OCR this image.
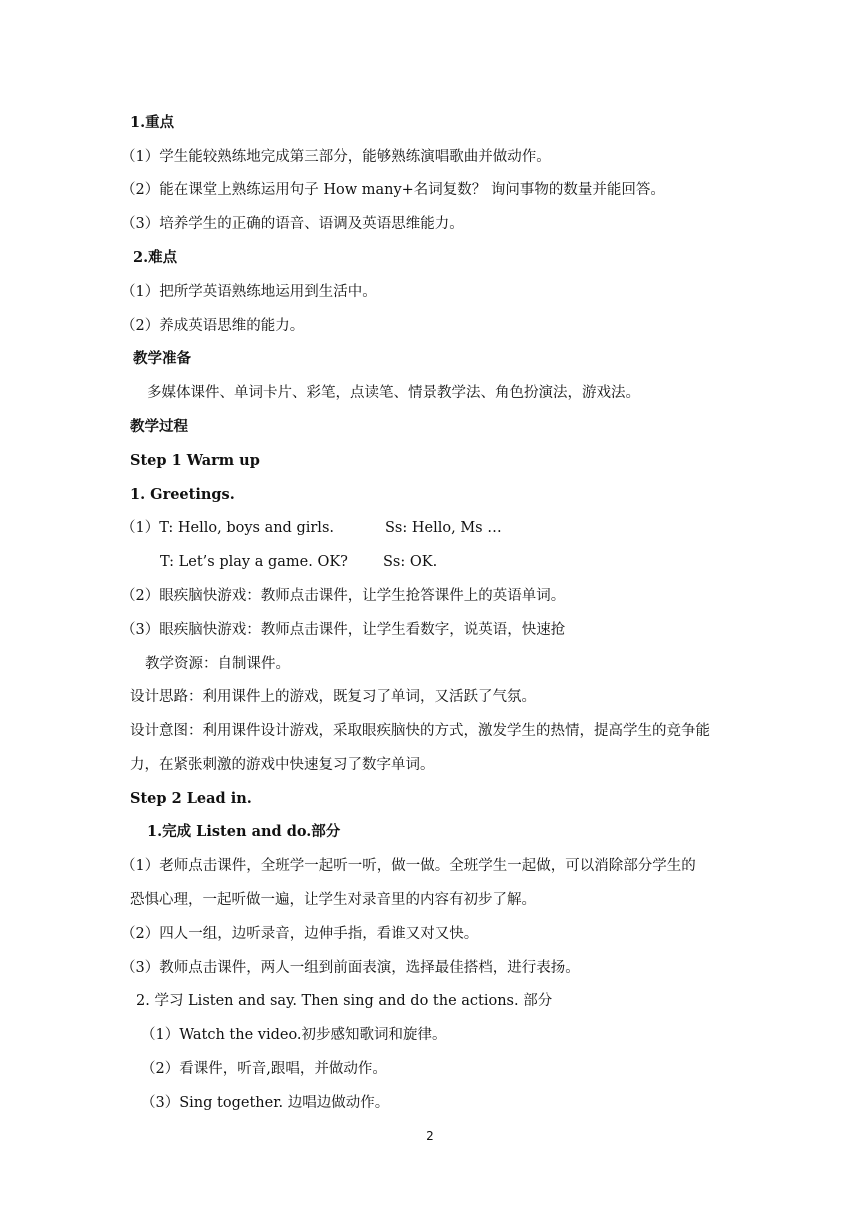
1.重点
（1）学生能较熟练地完成第三部分，能够熟练演唱歌曲并做动作。
（2）能在课堂上熟练运用句子 How many+名词复数？ 询问事物的数量并能回答。
（3）培养学生的正确的语音、语调及英语思维能力。
2.难点
（1）把所学英语熟练地运用到生活中。
（2）养成英语思维的能力。
教学准备
多媒体课件、单词卡片、彩笔，点读笔、情景教学法、角色扮演法，游戏法。
教学过程
Step 1 Warm up
1. Greetings.
（1）T: Hello, boys and girls.	Ss: Hello, Ms …
T: Let’s play a game. OK? Ss: OK.
（2）眼疾脑快游戏：教师点击课件，让学生抢答课件上的英语单词。
（3）眼疾脑快游戏：教师点击课件，让学生看数字，说英语，快速抢
教学资源：自制课件。
设计思路：利用课件上的游戏，既复习了单词，又活跃了气氛。
设计意图：利用课件设计游戏，采取眼疾脑快的方式，激发学生的热情，提高学生的竞争能
力，在紧张刺激的游戏中快速复习了数字单词。
Step 2 Lead in.
1.完成 Listen and do.部分
（1）老师点击课件，全班学一起听一听，做一做。全班学生一起做，可以消除部分学生的
恐惧心理，一起听做一遍，让学生对录音里的内容有初步了解。
（2）四人一组，边听录音，边伸手指，看谁又对又快。
（3）教师点击课件，两人一组到前面表演，选择最佳搭档，进行表扬。
2. 学习 Listen and say. Then sing and do the actions. 部分
（1）Watch the video.初步感知歌词和旋律。
（2）看课件，听音,跟唱，并做动作。
（3）Sing together. 边唱边做动作。
2
